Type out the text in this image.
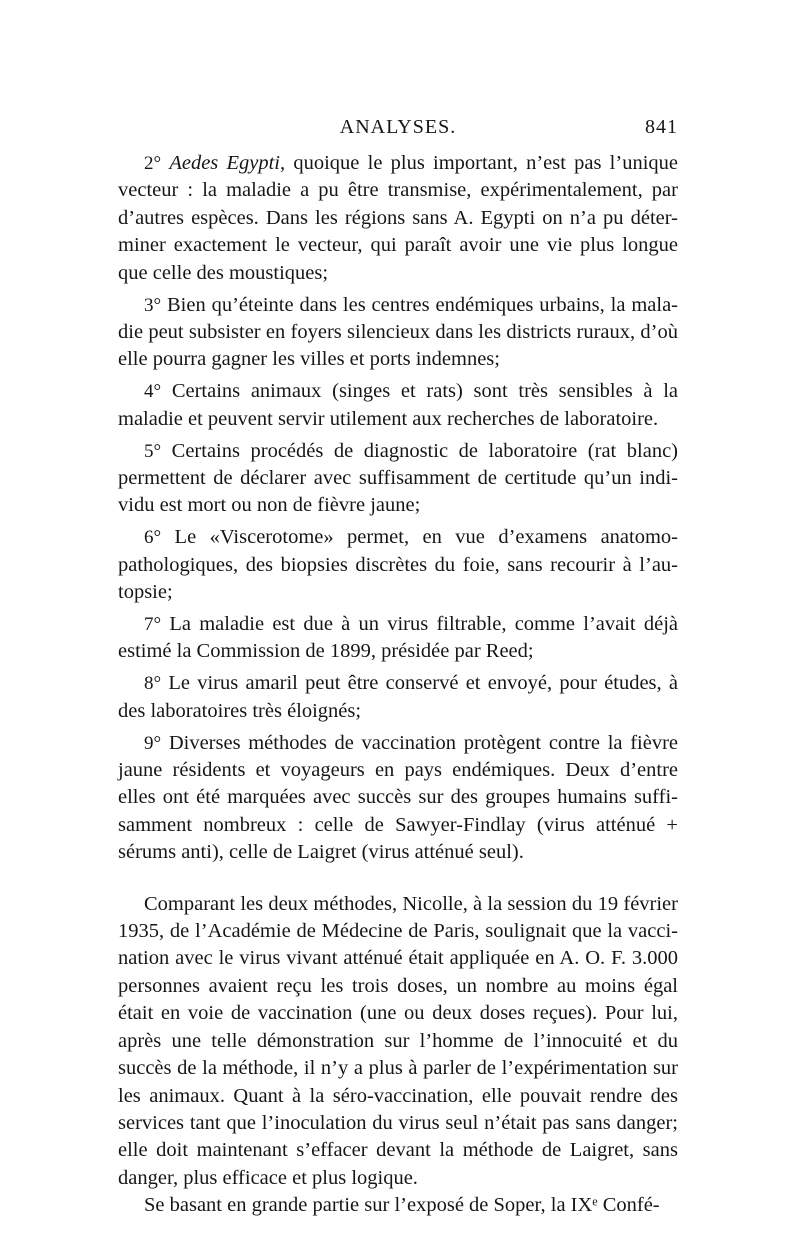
ANALYSES.	841

2° Aedes Egypti, quoique le plus important, n’est pas l’unique vecteur : la maladie a pu être transmise, expérimentalement, par d’autres espèces. Dans les régions sans A. Egypti on n’a pu déter- miner exactement le vecteur, qui paraît avoir une vie plus longue que celle des moustiques;

3° Bien qu’éteinte dans les centres endémiques urbains, la mala- die peut subsister en foyers silencieux dans les districts ruraux, d’où elle pourra gagner les villes et ports indemnes;

4° Certains animaux (singes et rats) sont très sensibles à la maladie et peuvent servir utilement aux recherches de laboratoire.

5° Certains procédés de diagnostic de laboratoire (rat blanc) permettent de déclarer avec suffisamment de certitude qu’un indi- vidu est mort ou non de fièvre jaune;

6° Le «Viscerotome» permet, en vue d’examens anatomo- pathologiques, des biopsies discrètes du foie, sans recourir à l’au- topsie;

7° La maladie est due à un virus filtrable, comme l’avait déjà estimé la Commission de 1899, présidée par Reed;

8° Le virus amaril peut être conservé et envoyé, pour études, à des laboratoires très éloignés;

9° Diverses méthodes de vaccination protègent contre la fièvre jaune résidents et voyageurs en pays endémiques. Deux d’entre elles ont été marquées avec succès sur des groupes humains suffi- samment nombreux : celle de Sawyer-Findlay (virus atténué + sérums anti), celle de Laigret (virus atténué seul).

Comparant les deux méthodes, Nicolle, à la session du 19 février 1935, de l’Académie de Médecine de Paris, soulignait que la vacci- nation avec le virus vivant atténué était appliquée en A. O. F. 3.000 personnes avaient reçu les trois doses, un nombre au moins égal était en voie de vaccination (une ou deux doses reçues). Pour lui, après une telle démonstration sur l’homme de l’innocuité et du succès de la méthode, il n’y a plus à parler de l’expérimentation sur les animaux. Quant à la séro-vaccination, elle pouvait rendre des services tant que l’inoculation du virus seul n’était pas sans danger; elle doit maintenant s’effacer devant la méthode de Laigret, sans danger, plus efficace et plus logique.

Se basant en grande partie sur l’exposé de Soper, la IXᵉ Confé-
